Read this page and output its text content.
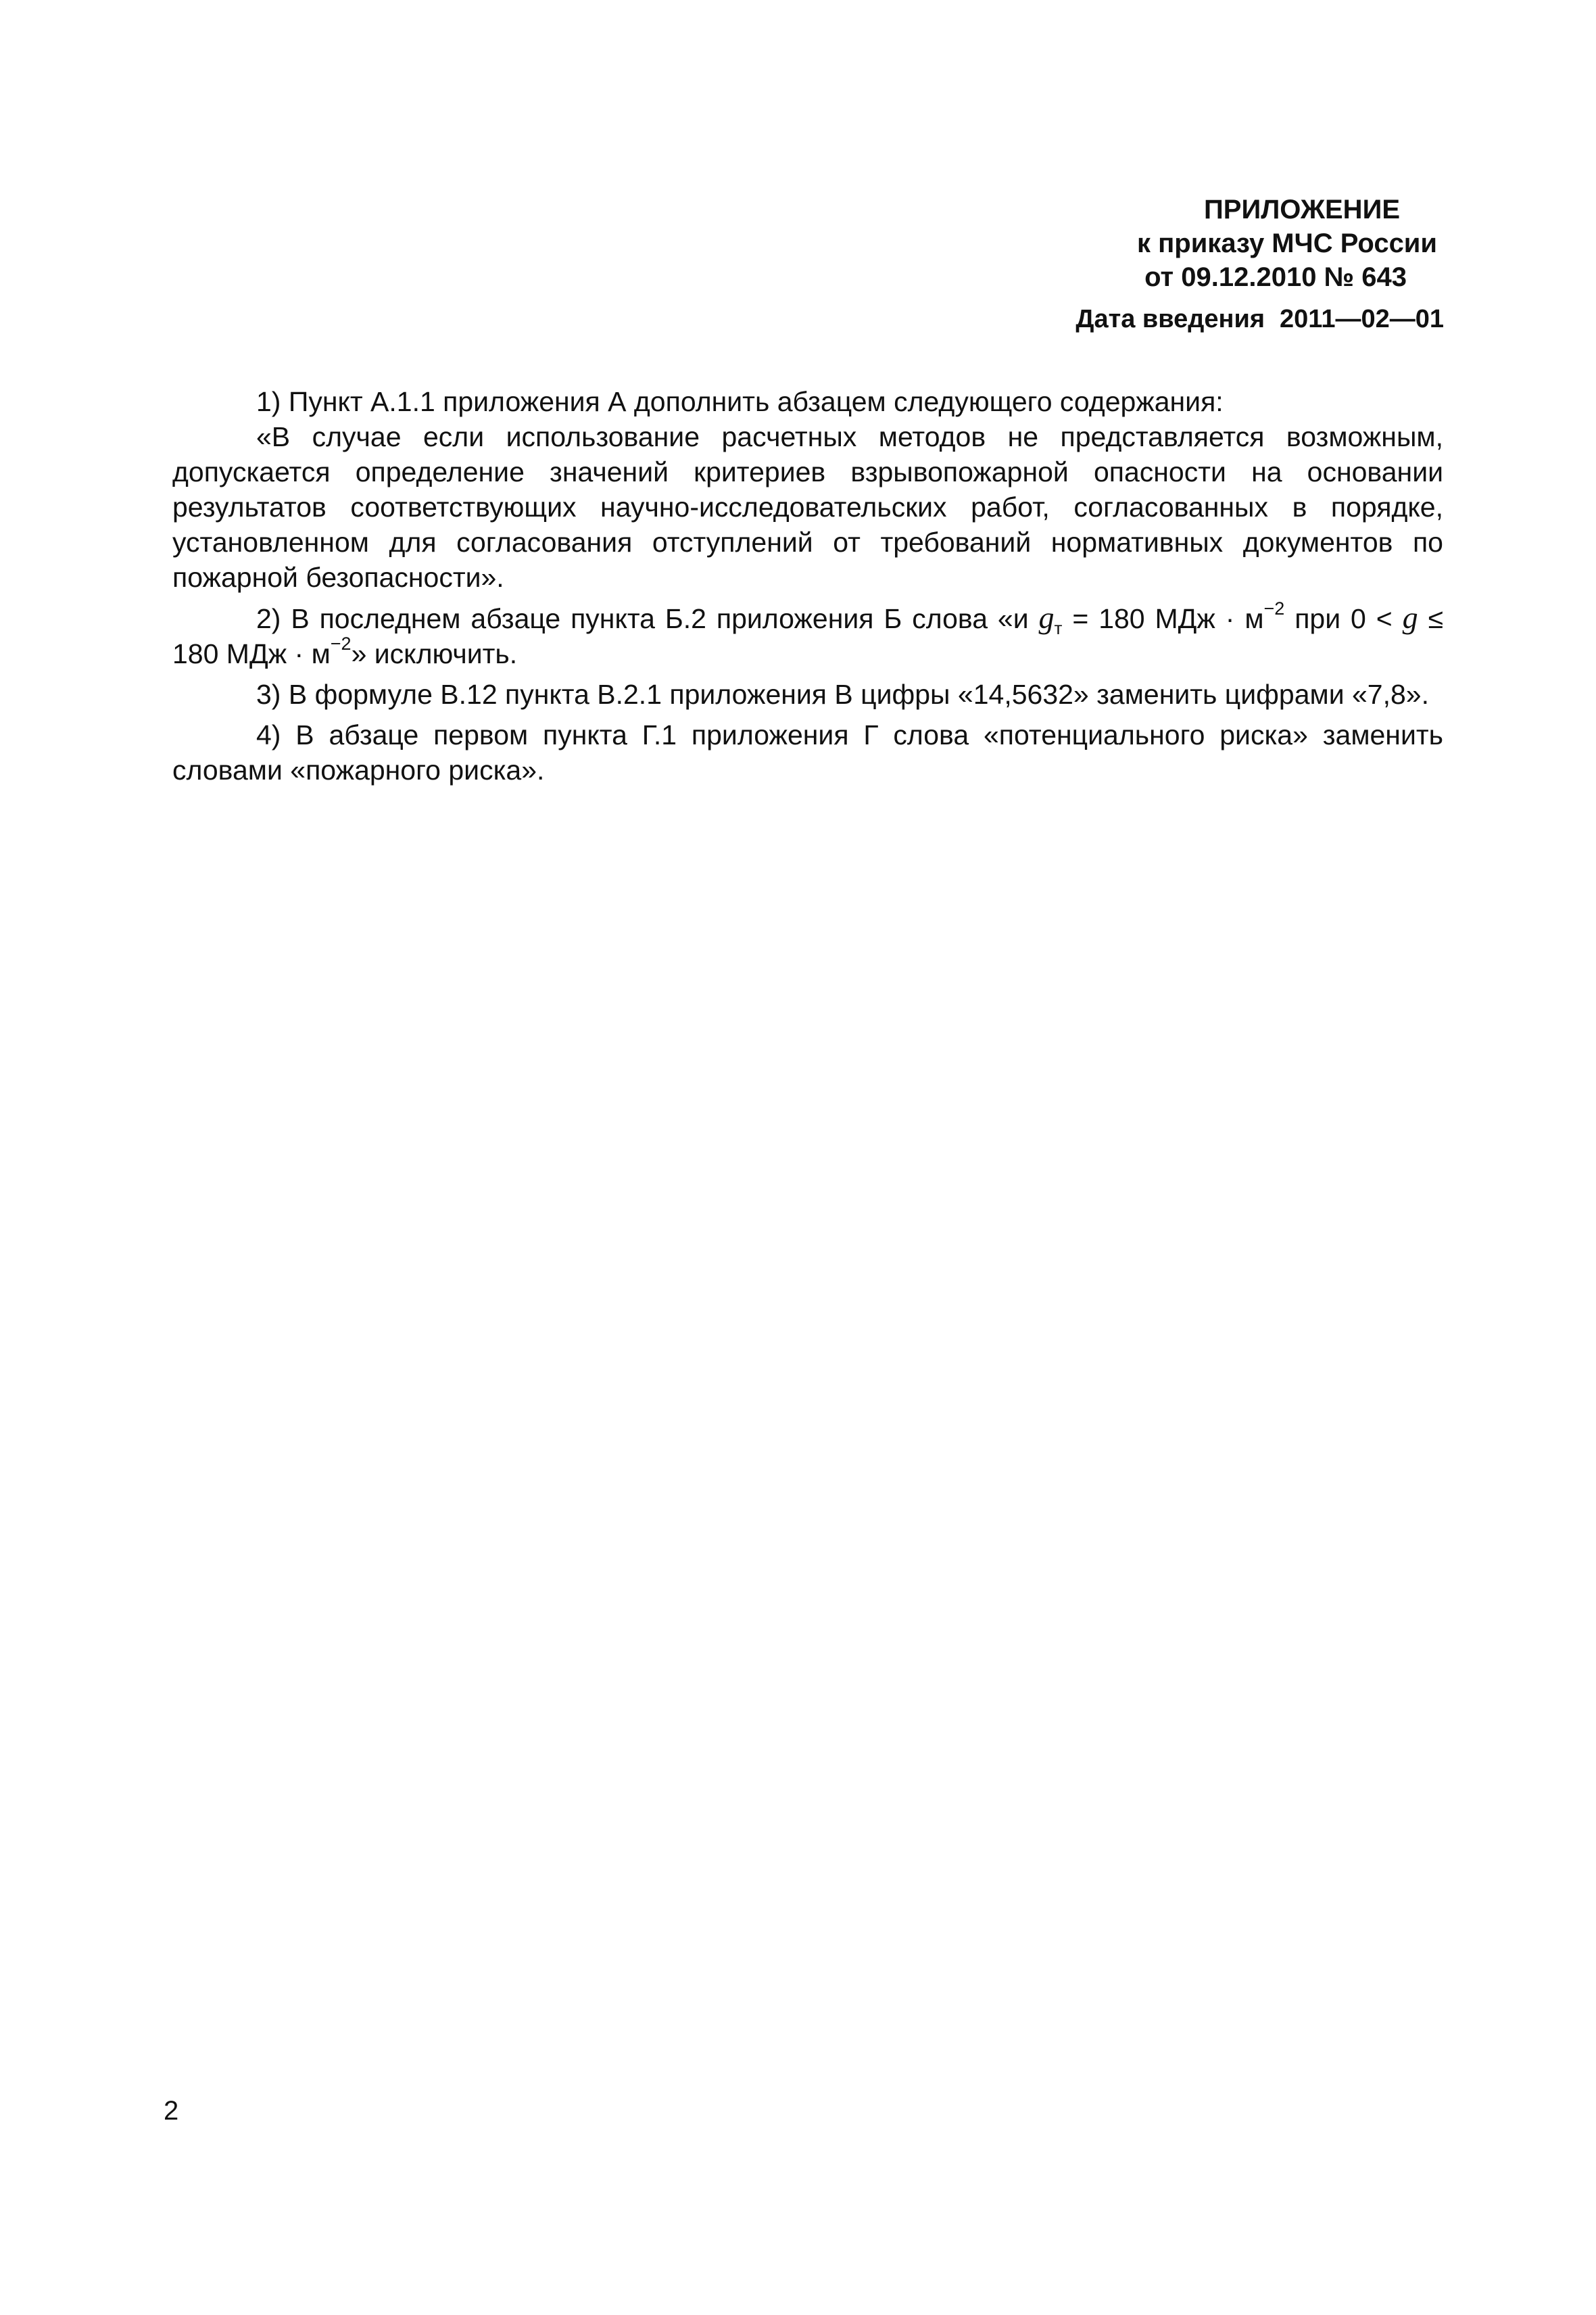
ПРИЛОЖЕНИЕ
к приказу МЧС России
от 09.12.2010 № 643
Дата введения 2011—02—01

1) Пункт А.1.1 приложения А дополнить абзацем следующего содержания:

«В случае если использование расчетных методов не представляется возможным, допускается определение значений критериев взрывопожарной опасности на основании результатов соответствующих научно-исследовательских работ, согласованных в порядке, установленном для согласования отступлений от требований нормативных документов по пожарной безопасности».

2) В последнем абзаце пункта Б.2 приложения Б слова «и $g_т = 180$ МДж · $м^{-2}$ при 0 < g ≤ 180 МДж · $м^{-2}$» исключить.

3) В формуле В.12 пункта В.2.1 приложения В цифры «14,5632» заменить цифрами «7,8».

4) В абзаце первом пункта Г.1 приложения Г слова «потенциального риска» заменить словами «пожарного риска».

2
